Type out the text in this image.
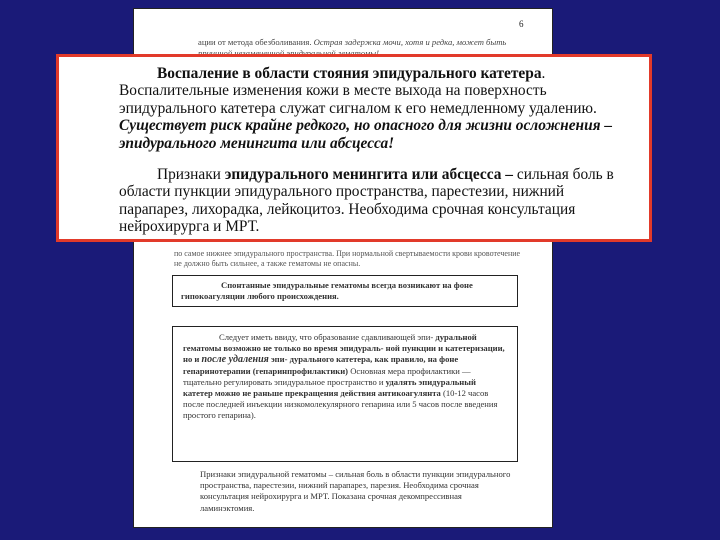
6
ации от метода обезболивания. Острая задержка мочи, хотя и редка, может быть
по самое нижнее эпидурального пространства. При нормальной свертываемости крови кровотечение
не должно быть сильнее, а также гематомы не опасны.
Спонтанные эпидуральные гематомы всегда возникают на фоне гипокоагуляции любого происхождения.
Следует иметь ввиду, что образование сдавливающей эпи- дуральной гематомы возможно не только во время эпидураль- ной пункции и катетеризации, но и после удаления эпи- дурального катетера, как правило, на фоне гепаринотерапии (гепаринпрофилактики) Основная мера профилактики — тщательно регулировать эпидуральное пространство и удалять эпидуральный катетер можно не раньше прекращения действия антикоагулянта (10-12 часов после последней инъекции низкомолекулярного гепарина или 5 часов после введения простого гепарина).
Признаки эпидуральной гематомы – сильная боль в области пункции эпидурального пространства, парестезии, нижний парапарез, парезия. Необходима срочная консультация нейрохирурга и МРТ. Показана срочная декомпрессивная ламинэктомия.

Воспаление в области стояния эпидурального катетера. Воспалительные изменения кожи в месте выхода на поверхность эпидурального катетера служат сигналом к его немедленному удалению. Существует риск крайне редкого, но опасного для жизни осложнения – эпидурального менингита или абсцесса!

Признаки эпидурального менингита или абсцесса – сильная боль в области пункции эпидурального пространства, парестезии, нижний парапарез, лихорадка, лейкоцитоз. Необходима срочная консультация нейрохирурга и МРТ.
